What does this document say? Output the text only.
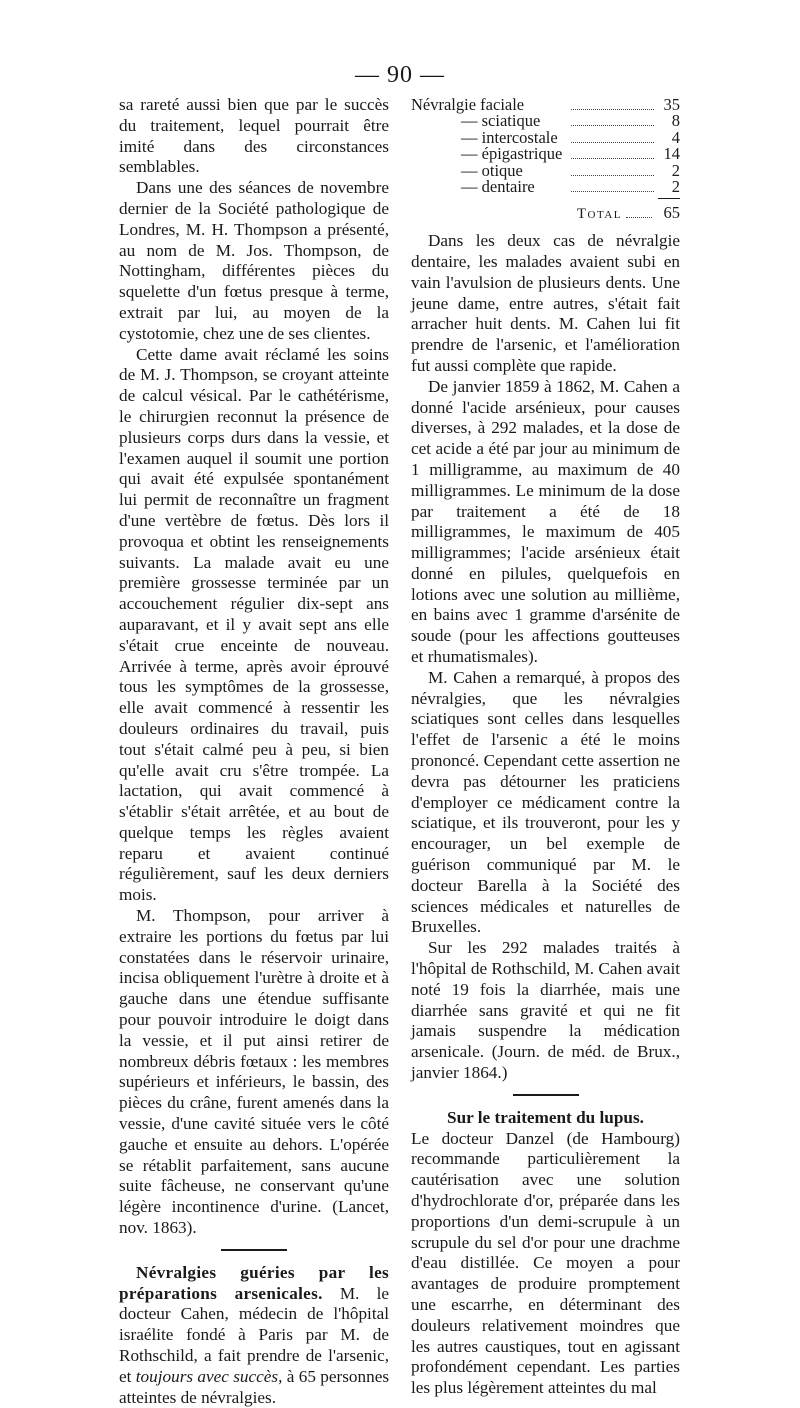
— 90 —

sa rareté aussi bien que par le succès du traitement, lequel pourrait être imité dans des circonstances semblables.

Dans une des séances de novembre dernier de la Société pathologique de Londres, M. H. Thompson a présenté, au nom de M. Jos. Thompson, de Nottingham, différentes pièces du squelette d'un fœtus presque à terme, extrait par lui, au moyen de la cystotomie, chez une de ses clientes.

Cette dame avait réclamé les soins de M. J. Thompson, se croyant atteinte de calcul vésical. Par le cathétérisme, le chirurgien reconnut la présence de plusieurs corps durs dans la vessie, et l'examen auquel il soumit une portion qui avait été expulsée spontanément lui permit de reconnaître un fragment d'une vertèbre de fœtus. Dès lors il provoqua et obtint les renseignements suivants. La malade avait eu une première grossesse terminée par un accouchement régulier dix-sept ans auparavant, et il y avait sept ans elle s'était crue enceinte de nouveau. Arrivée à terme, après avoir éprouvé tous les symptômes de la grossesse, elle avait commencé à ressentir les douleurs ordinaires du travail, puis tout s'était calmé peu à peu, si bien qu'elle avait cru s'être trompée. La lactation, qui avait commencé à s'établir s'était arrêtée, et au bout de quelque temps les règles avaient reparu et avaient continué régulièrement, sauf les deux derniers mois.

M. Thompson, pour arriver à extraire les portions du fœtus par lui constatées dans le réservoir urinaire, incisa obliquement l'urètre à droite et à gauche dans une étendue suffisante pour pouvoir introduire le doigt dans la vessie, et il put ainsi retirer de nombreux débris fœtaux : les membres supérieurs et inférieurs, le bassin, des pièces du crâne, furent amenés dans la vessie, d'une cavité située vers le côté gauche et ensuite au dehors. L'opérée se rétablit parfaitement, sans aucune suite fâcheuse, ne conservant qu'une légère incontinence d'urine. (Lancet, nov. 1863).

Névralgies guéries par les préparations arsenicales. M. le docteur Cahen, médecin de l'hôpital israélite fondé à Paris par M. de Rothschild, a fait prendre de l'arsenic, et toujours avec succès, à 65 personnes atteintes de névralgies.

Névralgie faciale	35
— sciatique	8
— intercostale	4
— épigastrique	14
— otique	2
— dentaire	2
Total	65

Dans les deux cas de névralgie dentaire, les malades avaient subi en vain l'avulsion de plusieurs dents. Une jeune dame, entre autres, s'était fait arracher huit dents. M. Cahen lui fit prendre de l'arsenic, et l'amélioration fut aussi complète que rapide.

De janvier 1859 à 1862, M. Cahen a donné l'acide arsénieux, pour causes diverses, à 292 malades, et la dose de cet acide a été par jour au minimum de 1 milligramme, au maximum de 40 milligrammes. Le minimum de la dose par traitement a été de 18 milligrammes, le maximum de 405 milligrammes; l'acide arsénieux était donné en pilules, quelquefois en lotions avec une solution au millième, en bains avec 1 gramme d'arsénite de soude (pour les affections goutteuses et rhumatismales).

M. Cahen a remarqué, à propos des névralgies, que les névralgies sciatiques sont celles dans lesquelles l'effet de l'arsenic a été le moins prononcé. Cependant cette assertion ne devra pas détourner les praticiens d'employer ce médicament contre la sciatique, et ils trouveront, pour les y encourager, un bel exemple de guérison communiqué par M. le docteur Barella à la Société des sciences médicales et naturelles de Bruxelles.

Sur les 292 malades traités à l'hôpital de Rothschild, M. Cahen avait noté 19 fois la diarrhée, mais une diarrhée sans gravité et qui ne fit jamais suspendre la médication arsenicale. (Journ. de méd. de Brux., janvier 1864.)

Sur le traitement du lupus.

Le docteur Danzel (de Hambourg) recommande particulièrement la cautérisation avec une solution d'hydrochlorate d'or, préparée dans les proportions d'un demi-scrupule à un scrupule du sel d'or pour une drachme d'eau distillée. Ce moyen a pour avantages de produire promptement une escarrhe, en déterminant des douleurs relativement moindres que les autres caustiques, tout en agissant profondément cependant. Les parties les plus légèrement atteintes du mal
